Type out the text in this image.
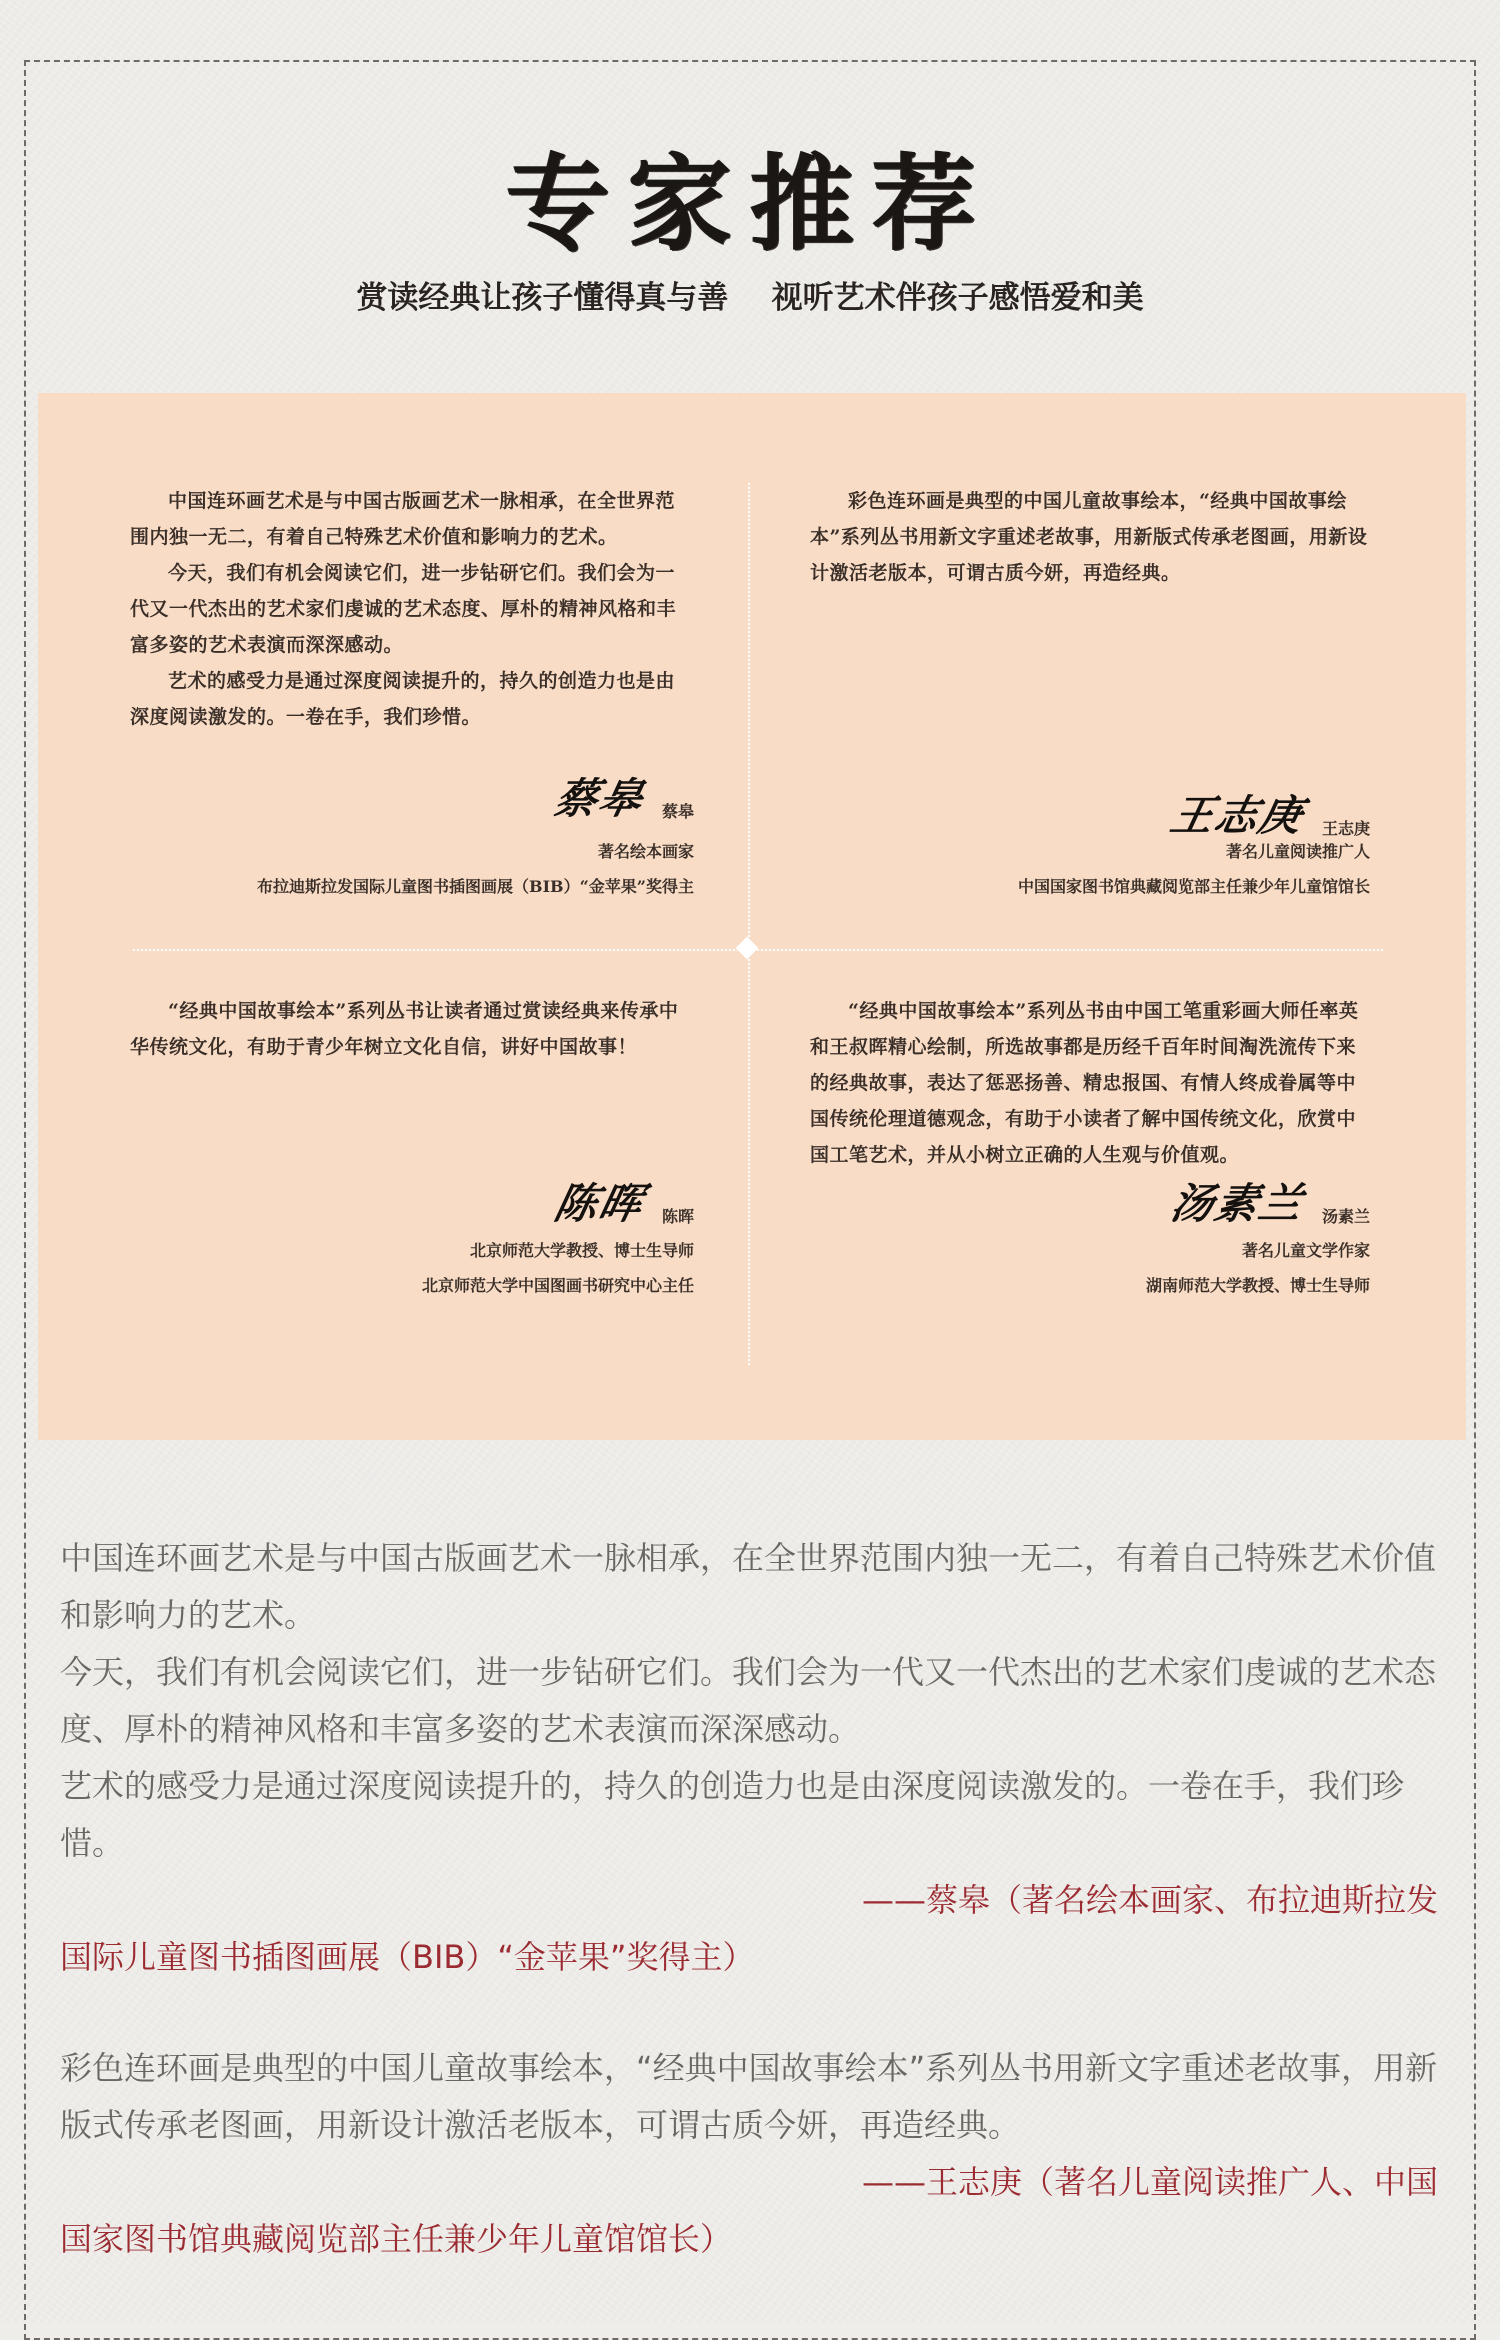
专家推荐
赏读经典让孩子懂得真与善    视听艺术伴孩子感悟爱和美

中国连环画艺术是与中国古版画艺术一脉相承，在全世界范围内独一无二，有着自己特殊艺术价值和影响力的艺术。

今天，我们有机会阅读它们，进一步钻研它们。我们会为一代又一代杰出的艺术家们虔诚的艺术态度、厚朴的精神风格和丰富多姿的艺术表演而深深感动。

艺术的感受力是通过深度阅读提升的，持久的创造力也是由深度阅读激发的。一卷在手，我们珍惜。

蔡皋 蔡皋
著名绘本画家
布拉迪斯拉发国际儿童图书插图画展（BIB）“金苹果”奖得主

彩色连环画是典型的中国儿童故事绘本，“经典中国故事绘本”系列丛书用新文字重述老故事，用新版式传承老图画，用新设计激活老版本，可谓古质今妍，再造经典。

王志庚 王志庚
著名儿童阅读推广人
中国国家图书馆典藏阅览部主任兼少年儿童馆馆长

“经典中国故事绘本”系列丛书让读者通过赏读经典来传承中华传统文化，有助于青少年树立文化自信，讲好中国故事！

陈晖 陈晖
北京师范大学教授、博士生导师
北京师范大学中国图画书研究中心主任

“经典中国故事绘本”系列丛书由中国工笔重彩画大师任率英和王叔晖精心绘制，所选故事都是历经千百年时间淘洗流传下来的经典故事，表达了惩恶扬善、精忠报国、有情人终成眷属等中国传统伦理道德观念，有助于小读者了解中国传统文化，欣赏中国工笔艺术，并从小树立正确的人生观与价值观。

汤素兰 汤素兰
著名儿童文学作家
湖南师范大学教授、博士生导师

中国连环画艺术是与中国古版画艺术一脉相承，在全世界范围内独一无二，有着自己特殊艺术价值和影响力的艺术。

今天，我们有机会阅读它们，进一步钻研它们。我们会为一代又一代杰出的艺术家们虔诚的艺术态度、厚朴的精神风格和丰富多姿的艺术表演而深深感动。

艺术的感受力是通过深度阅读提升的，持久的创造力也是由深度阅读激发的。一卷在手，我们珍惜。

——蔡皋（著名绘本画家、布拉迪斯拉发

国际儿童图书插图画展（BIB）“金苹果”奖得主）

彩色连环画是典型的中国儿童故事绘本，“经典中国故事绘本”系列丛书用新文字重述老故事，用新版式传承老图画，用新设计激活老版本，可谓古质今妍，再造经典。

——王志庚（著名儿童阅读推广人、中国

国家图书馆典藏阅览部主任兼少年儿童馆馆长）
